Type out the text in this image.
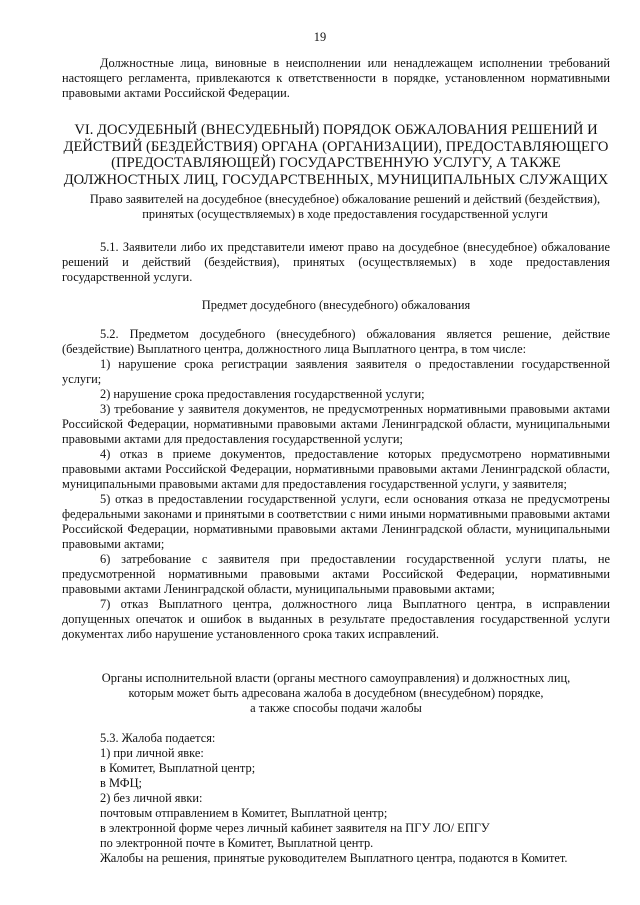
19

Должностные лица, виновные в неисполнении или ненадлежащем исполнении требований настоящего регламента, привлекаются к ответственности в порядке, установленном нормативными правовыми актами Российской Федерации.

VI. ДОСУДЕБНЫЙ (ВНЕСУДЕБНЫЙ) ПОРЯДОК ОБЖАЛОВАНИЯ РЕШЕНИЙ И ДЕЙСТВИЙ (БЕЗДЕЙСТВИЯ) ОРГАНА (ОРГАНИЗАЦИИ), ПРЕДОСТАВЛЯЮЩЕГО (ПРЕДОСТАВЛЯЮЩЕЙ) ГОСУДАРСТВЕННУЮ УСЛУГУ, А ТАКЖЕ ДОЛЖНОСТНЫХ ЛИЦ, ГОСУДАРСТВЕННЫХ, МУНИЦИПАЛЬНЫХ СЛУЖАЩИХ

Право заявителей на досудебное (внесудебное) обжалование решений и действий (бездействия), принятых (осуществляемых) в ходе предоставления государственной услуги

5.1. Заявители либо их представители имеют право на досудебное (внесудебное) обжалование решений и действий (бездействия), принятых (осуществляемых) в ходе предоставления государственной услуги.

Предмет досудебного (внесудебного) обжалования

5.2. Предметом досудебного (внесудебного) обжалования является решение, действие (бездействие) Выплатного центра, должностного лица Выплатного центра, в том числе:

1) нарушение срока регистрации заявления заявителя о предоставлении государственной услуги;

2) нарушение срока предоставления государственной услуги;

3) требование у заявителя документов, не предусмотренных нормативными правовыми актами Российской Федерации, нормативными правовыми актами Ленинградской области, муниципальными правовыми актами для предоставления государственной услуги;

4) отказ в приеме документов, предоставление которых предусмотрено нормативными правовыми актами Российской Федерации, нормативными правовыми актами Ленинградской области, муниципальными правовыми актами для предоставления государственной услуги, у заявителя;

5) отказ в предоставлении государственной услуги, если основания отказа не предусмотрены федеральными законами и принятыми в соответствии с ними иными нормативными правовыми актами Российской Федерации, нормативными правовыми актами Ленинградской области, муниципальными правовыми актами;

6) затребование с заявителя при предоставлении государственной услуги платы, не предусмотренной нормативными правовыми актами Российской Федерации, нормативными правовыми актами Ленинградской области, муниципальными правовыми актами;

7) отказ Выплатного центра, должностного лица Выплатного центра, в исправлении допущенных опечаток и ошибок в выданных в результате предоставления государственной услуги документах либо нарушение установленного срока таких исправлений.

Органы исполнительной власти (органы местного самоуправления) и должностных лиц,

которым может быть адресована жалоба в досудебном (внесудебном) порядке,

а также способы подачи жалобы

5.3. Жалоба подается:

1) при личной явке:

в Комитет, Выплатной центр;

в МФЦ;

2) без личной явки:

почтовым отправлением в Комитет, Выплатной центр;

в электронной форме через личный кабинет заявителя на ПГУ ЛО/ ЕПГУ

по электронной почте в Комитет, Выплатной центр.

Жалобы на решения, принятые руководителем Выплатного центра, подаются в Комитет.
